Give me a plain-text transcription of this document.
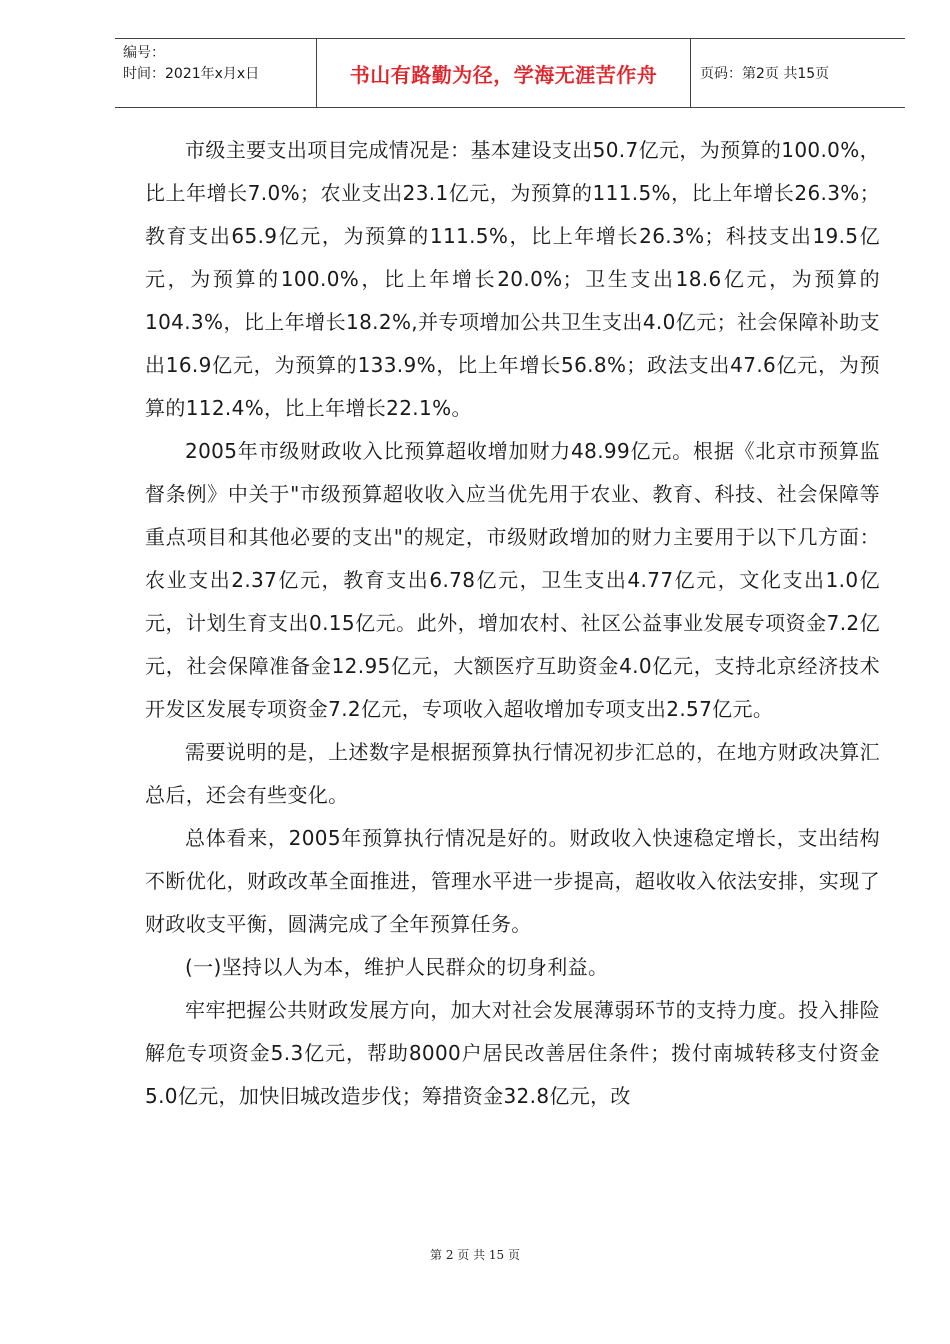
编号：
时间：2021年x月x日	书山有路勤为径，学海无涯苦作舟	页码：第2页 共15页

市级主要支出项目完成情况是：基本建设支出50.7亿元，为预算的100.0%，比上年增长7.0%；农业支出23.1亿元，为预算的111.5%，比上年增长26.3%；教育支出65.9亿元，为预算的111.5%，比上年增长26.3%；科技支出19.5亿元，为预算的100.0%，比上年增长20.0%；卫生支出18.6亿元，为预算的104.3%，比上年增长18.2%,并专项增加公共卫生支出4.0亿元；社会保障补助支出16.9亿元，为预算的133.9%，比上年增长56.8%；政法支出47.6亿元，为预算的112.4%，比上年增长22.1%。

2005年市级财政收入比预算超收增加财力48.99亿元。根据《北京市预算监督条例》中关于"市级预算超收收入应当优先用于农业、教育、科技、社会保障等重点项目和其他必要的支出"的规定，市级财政增加的财力主要用于以下几方面：农业支出2.37亿元，教育支出6.78亿元，卫生支出4.77亿元，文化支出1.0亿元，计划生育支出0.15亿元。此外，增加农村、社区公益事业发展专项资金7.2亿元，社会保障准备金12.95亿元，大额医疗互助资金4.0亿元，支持北京经济技术开发区发展专项资金7.2亿元，专项收入超收增加专项支出2.57亿元。

需要说明的是，上述数字是根据预算执行情况初步汇总的，在地方财政决算汇总后，还会有些变化。

总体看来，2005年预算执行情况是好的。财政收入快速稳定增长，支出结构不断优化，财政改革全面推进，管理水平进一步提高，超收收入依法安排，实现了财政收支平衡，圆满完成了全年预算任务。

(一)坚持以人为本，维护人民群众的切身利益。

牢牢把握公共财政发展方向，加大对社会发展薄弱环节的支持力度。投入排险解危专项资金5.3亿元，帮助8000户居民改善居住条件；拨付南城转移支付资金5.0亿元，加快旧城改造步伐；筹措资金32.8亿元，改

第 2 页 共 15 页
